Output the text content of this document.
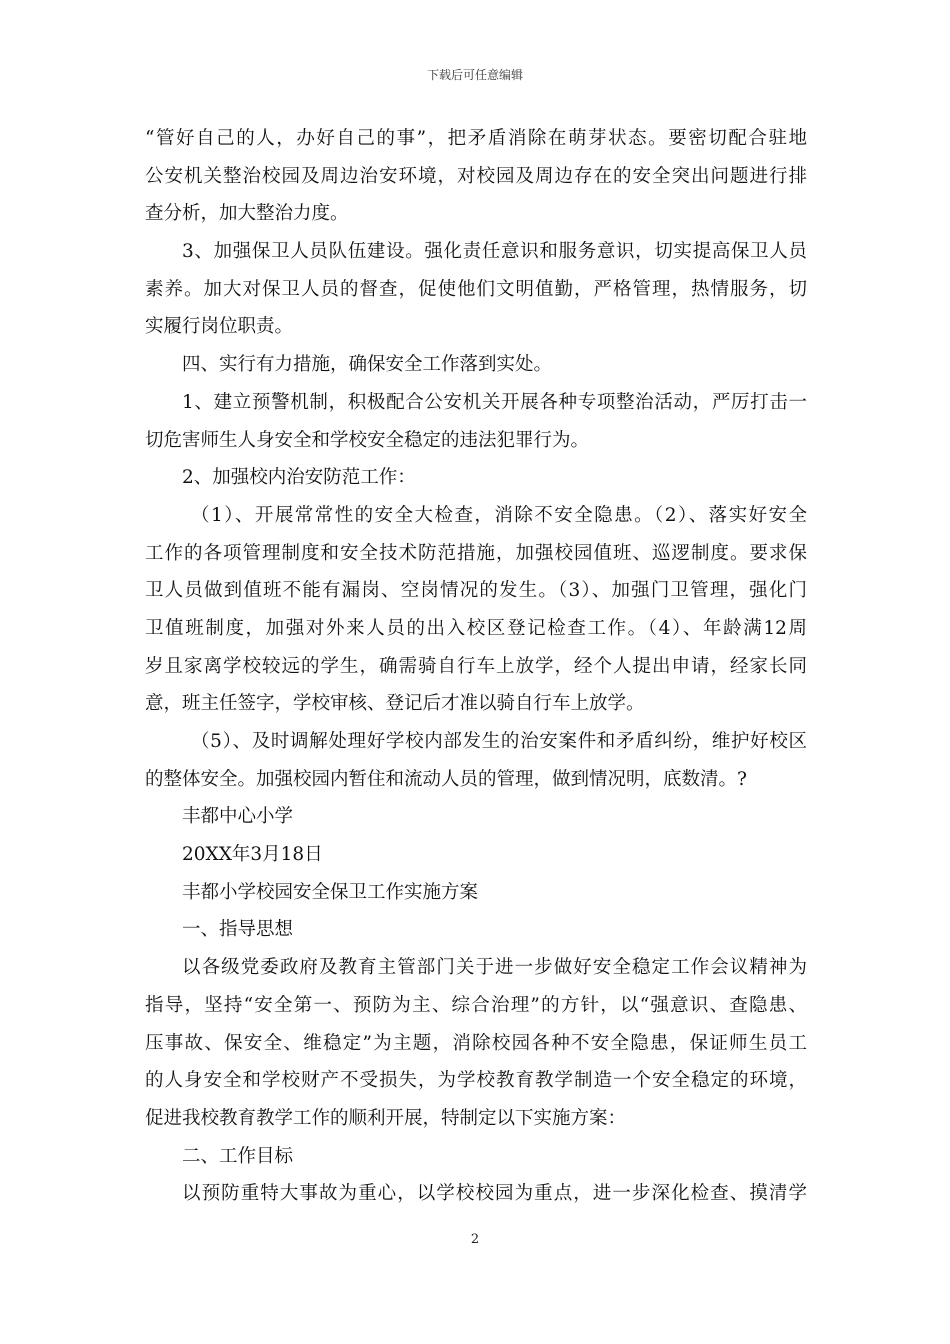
下载后可任意编辑
“管好自己的人，办好自己的事”，把矛盾消除在萌芽状态。要密切配合驻地
公安机关整治校园及周边治安环境，对校园及周边存在的安全突出问题进行排
查分析，加大整治力度。
3、加强保卫人员队伍建设。强化责任意识和服务意识，切实提高保卫人员
素养。加大对保卫人员的督查，促使他们文明值勤，严格管理，热情服务，切
实履行岗位职责。
四、实行有力措施，确保安全工作落到实处。
1、建立预警机制，积极配合公安机关开展各种专项整治活动，严厉打击一
切危害师生人身安全和学校安全稳定的违法犯罪行为。
2、加强校内治安防范工作：
（1）、开展常常性的安全大检查，消除不安全隐患。（2）、落实好安全
工作的各项管理制度和安全技术防范措施，加强校园值班、巡逻制度。要求保
卫人员做到值班不能有漏岗、空岗情况的发生。（3）、加强门卫管理，强化门
卫值班制度，加强对外来人员的出入校区登记检查工作。（4）、年龄满12周
岁且家离学校较远的学生，确需骑自行车上放学，经个人提出申请，经家长同
意，班主任签字，学校审核、登记后才准以骑自行车上放学。
（5）、及时调解处理好学校内部发生的治安案件和矛盾纠纷，维护好校区
的整体安全。加强校园内暂住和流动人员的管理，做到情况明，底数清。?
丰都中心小学
20XX年3月18日
丰都小学校园安全保卫工作实施方案
一、指导思想
以各级党委政府及教育主管部门关于进一步做好安全稳定工作会议精神为
指导，坚持“安全第一、预防为主、综合治理”的方针，以“强意识、查隐患、
压事故、保安全、维稳定”为主题，消除校园各种不安全隐患，保证师生员工
的人身安全和学校财产不受损失，为学校教育教学制造一个安全稳定的环境，
促进我校教育教学工作的顺利开展，特制定以下实施方案：
二、工作目标
以预防重特大事故为重心，以学校校园为重点，进一步深化检查、摸清学
2
